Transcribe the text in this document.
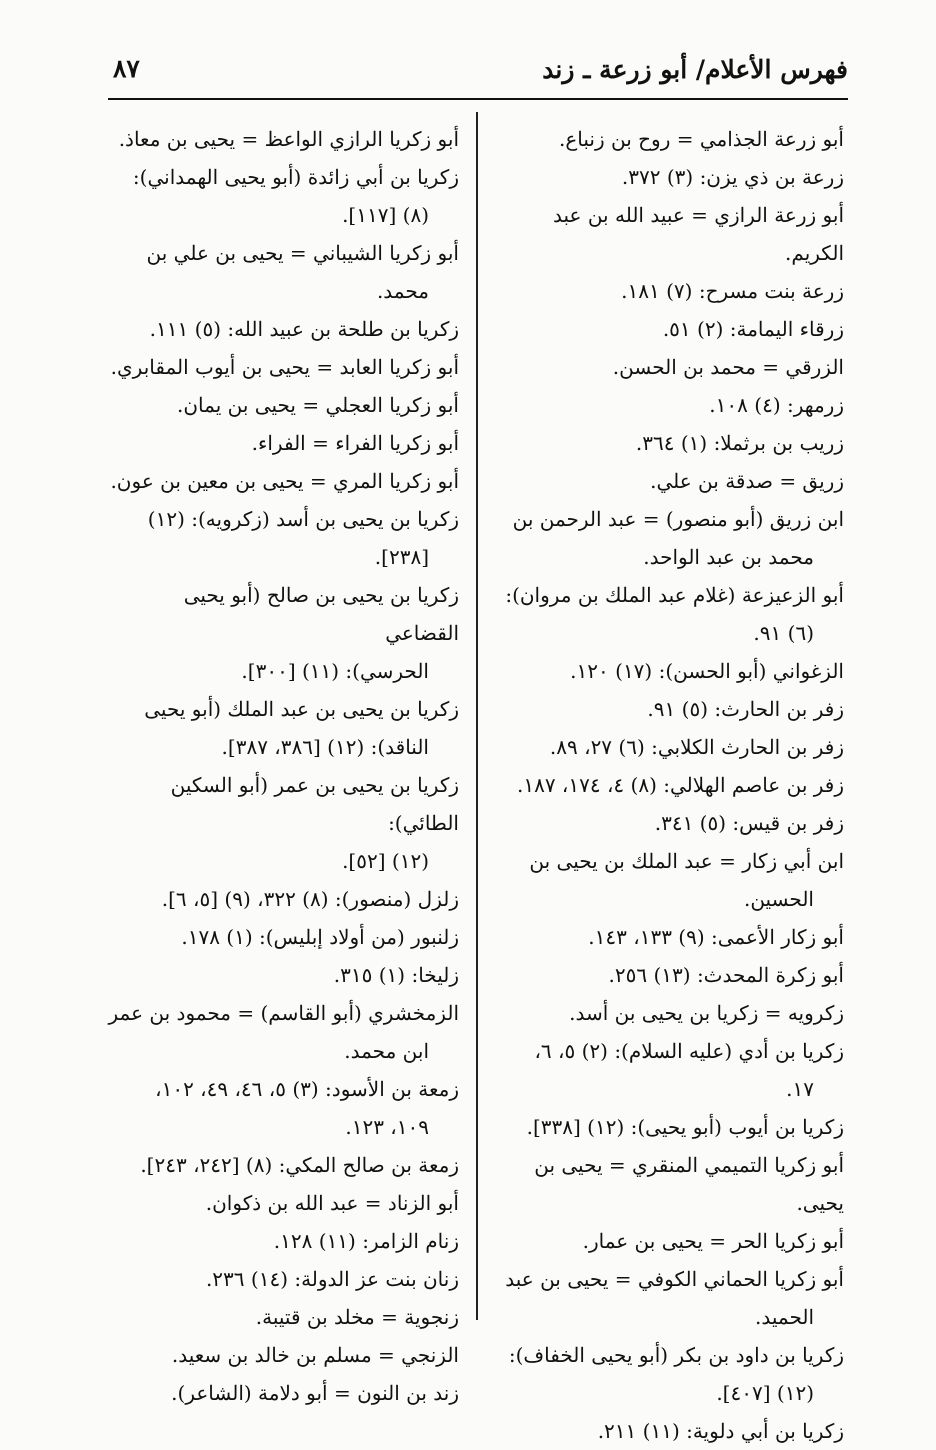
فهرس الأعلام/ أبو زرعة ـ زند
٨٧
أبو زرعة الجذامي = روح بن زنباع.
زرعة بن ذي يزن: (٣) ٣٧٢.
أبو زرعة الرازي = عبيد الله بن عبد الكريم.
زرعة بنت مسرح: (٧) ١٨١.
زرقاء اليمامة: (٢) ٥١.
الزرقي = محمد بن الحسن.
زرمهر: (٤) ١٠٨.
زريب بن برثملا: (١) ٣٦٤.
زريق = صدقة بن علي.
ابن زريق (أبو منصور) = عبد الرحمن بن
محمد بن عبد الواحد.
أبو الزعيزعة (غلام عبد الملك بن مروان):
(٦) ٩١.
الزغواني (أبو الحسن): (١٧) ١٢٠.
زفر بن الحارث: (٥) ٩١.
زفر بن الحارث الكلابي: (٦) ٢٧، ٨٩.
زفر بن عاصم الهلالي: (٨) ٤، ١٧٤، ١٨٧.
زفر بن قيس: (٥) ٣٤١.
ابن أبي زكار = عبد الملك بن يحيى بن
الحسين.
أبو زكار الأعمى: (٩) ١٣٣، ١٤٣.
أبو زكرة المحدث: (١٣) ٢٥٦.
زكرويه = زكريا بن يحيى بن أسد.
زكريا بن أدي (عليه السلام): (٢) ٥، ٦،
١٧.
زكريا بن أيوب (أبو يحيى): (١٢) [٣٣٨].
أبو زكريا التميمي المنقري = يحيى بن يحيى.
أبو زكريا الحر = يحيى بن عمار.
أبو زكريا الحماني الكوفي = يحيى بن عبد
الحميد.
زكريا بن داود بن بكر (أبو يحيى الخفاف):
(١٢) [٤٠٧].
زكريا بن أبي دلوية: (١١) ٢١١.
أبو زكريا الرازي الواعظ = يحيى بن معاذ.
زكريا بن أبي زائدة (أبو يحيى الهمداني):
(٨) [١١٧].
أبو زكريا الشيباني = يحيى بن علي بن
محمد.
زكريا بن طلحة بن عبيد الله: (٥) ١١١.
أبو زكريا العابد = يحيى بن أيوب المقابري.
أبو زكريا العجلي = يحيى بن يمان.
أبو زكريا الفراء = الفراء.
أبو زكريا المري = يحيى بن معين بن عون.
زكريا بن يحيى بن أسد (زكرويه): (١٢)
[٢٣٨].
زكريا بن يحيى بن صالح (أبو يحيى القضاعي
الحرسي): (١١) [٣٠٠].
زكريا بن يحيى بن عبد الملك (أبو يحيى
الناقد): (١٢) [٣٨٦، ٣٨٧].
زكريا بن يحيى بن عمر (أبو السكين الطائي):
(١٢) [٥٢].
زلزل (منصور): (٨) ٣٢٢، (٩) [٥، ٦].
زلنبور (من أولاد إبليس): (١) ١٧٨.
زليخا: (١) ٣١٥.
الزمخشري (أبو القاسم) = محمود بن عمر
ابن محمد.
زمعة بن الأسود: (٣) ٥، ٤٦، ٤٩، ١٠٢،
١٠٩، ١٢٣.
زمعة بن صالح المكي: (٨) [٢٤٢، ٢٤٣].
أبو الزناد = عبد الله بن ذكوان.
زنام الزامر: (١١) ١٢٨.
زنان بنت عز الدولة: (١٤) ٢٣٦.
زنجوية = مخلد بن قتيبة.
الزنجي = مسلم بن خالد بن سعيد.
زند بن النون = أبو دلامة (الشاعر).
